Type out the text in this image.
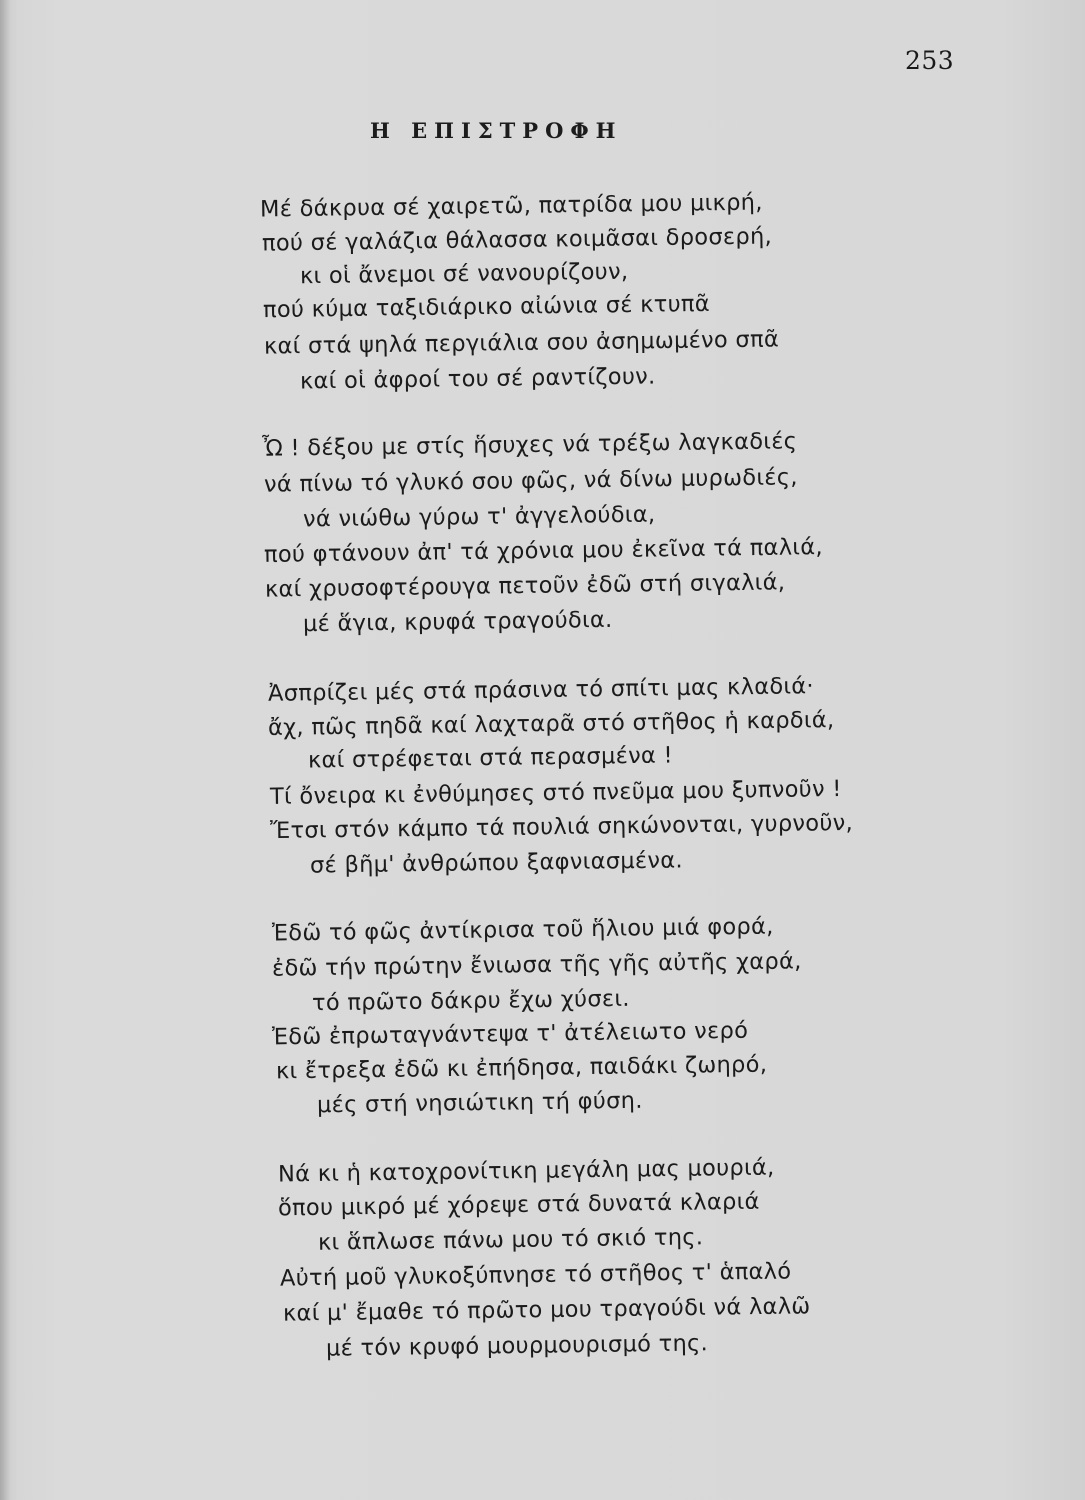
253
Η ΕΠΙΣΤΡΟΦΗ
Μέ δάκρυα σέ χαιρετῶ, πατρίδα μου μικρή,
πού σέ γαλάζια θάλασσα κοιμᾶσαι δροσερή,
κι οἱ ἄνεμοι σέ νανουρίζουν,
πού κύμα ταξιδιάρικο αἰώνια σέ κτυπᾶ
καί στά ψηλά περγιάλια σου ἀσημωμένο σπᾶ
καί οἱ ἀφροί του σέ ραντίζουν.
Ὦ ! δέξου με στίς ἥσυχες νά τρέξω λαγκαδιές
νά πίνω τό γλυκό σου φῶς, νά δίνω μυρωδιές,
νά νιώθω γύρω τ' ἀγγελούδια,
πού φτάνουν ἀπ' τά χρόνια μου ἐκεῖνα τά παλιά,
καί χρυσοφτέρουγα πετοῦν ἐδῶ στή σιγαλιά,
μέ ἅγια, κρυφά τραγούδια.
Ἀσπρίζει μές στά πράσινα τό σπίτι μας κλαδιά·
ἄχ, πῶς πηδᾶ καί λαχταρᾶ στό στῆθος ἡ καρδιά,
καί στρέφεται στά περασμένα !
Τί ὄνειρα κι ἐνθύμησες στό πνεῦμα μου ξυπνοῦν !
Ἔτσι στόν κάμπο τά πουλιά σηκώνονται, γυρνοῦν,
σέ βῆμ' ἀνθρώπου ξαφνιασμένα.
Ἐδῶ τό φῶς ἀντίκρισα τοῦ ἥλιου μιά φορά,
ἐδῶ τήν πρώτην ἔνιωσα τῆς γῆς αὐτῆς χαρά,
τό πρῶτο δάκρυ ἔχω χύσει.
Ἐδῶ ἐπρωταγνάντεψα τ' ἀτέλειωτο νερό
κι ἔτρεξα ἐδῶ κι ἐπήδησα, παιδάκι ζωηρό,
μές στή νησιώτικη τή φύση.
Νά κι ἡ κατοχρονίτικη μεγάλη μας μουριά,
ὅπου μικρό μέ χόρεψε στά δυνατά κλαριά
κι ἅπλωσε πάνω μου τό σκιό της.
Αὐτή μοῦ γλυκοξύπνησε τό στῆθος τ' ἁπαλό
καί μ' ἔμαθε τό πρῶτο μου τραγούδι νά λαλῶ
μέ τόν κρυφό μουρμουρισμό της.
